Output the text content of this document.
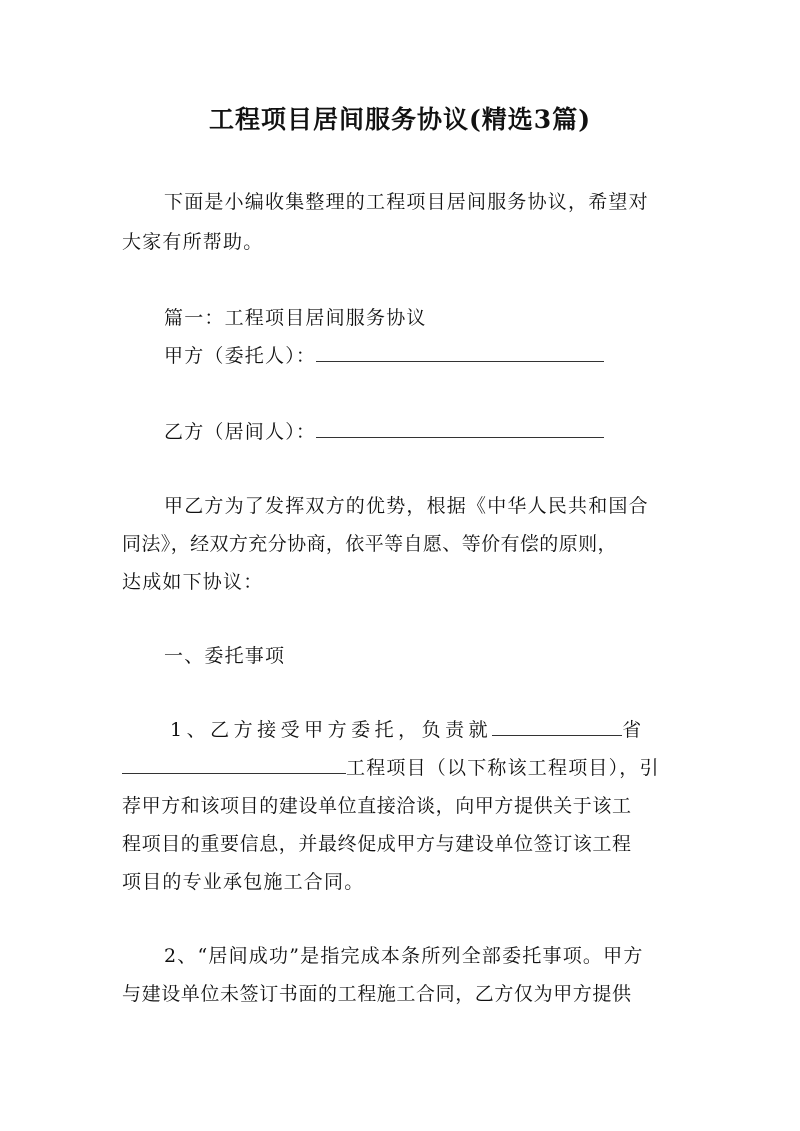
工程项目居间服务协议(精选3篇)

下面是小编收集整理的工程项目居间服务协议，希望对

大家有所帮助。

篇一：工程项目居间服务协议

甲方（委托人）：

乙方（居间人）：

甲乙方为了发挥双方的优势，根据《中华人民共和国合

同法》，经双方充分协商，依平等自愿、等价有偿的原则，

达成如下协议：

一、委托事项

1、乙方接受甲方委托，负责就	省

工程项目（以下称该工程项目），引

荐甲方和该项目的建设单位直接洽谈，向甲方提供关于该工

程项目的重要信息，并最终促成甲方与建设单位签订该工程

项目的专业承包施工合同。

2、“居间成功”是指完成本条所列全部委托事项。甲方

与建设单位未签订书面的工程施工合同，乙方仅为甲方提供
